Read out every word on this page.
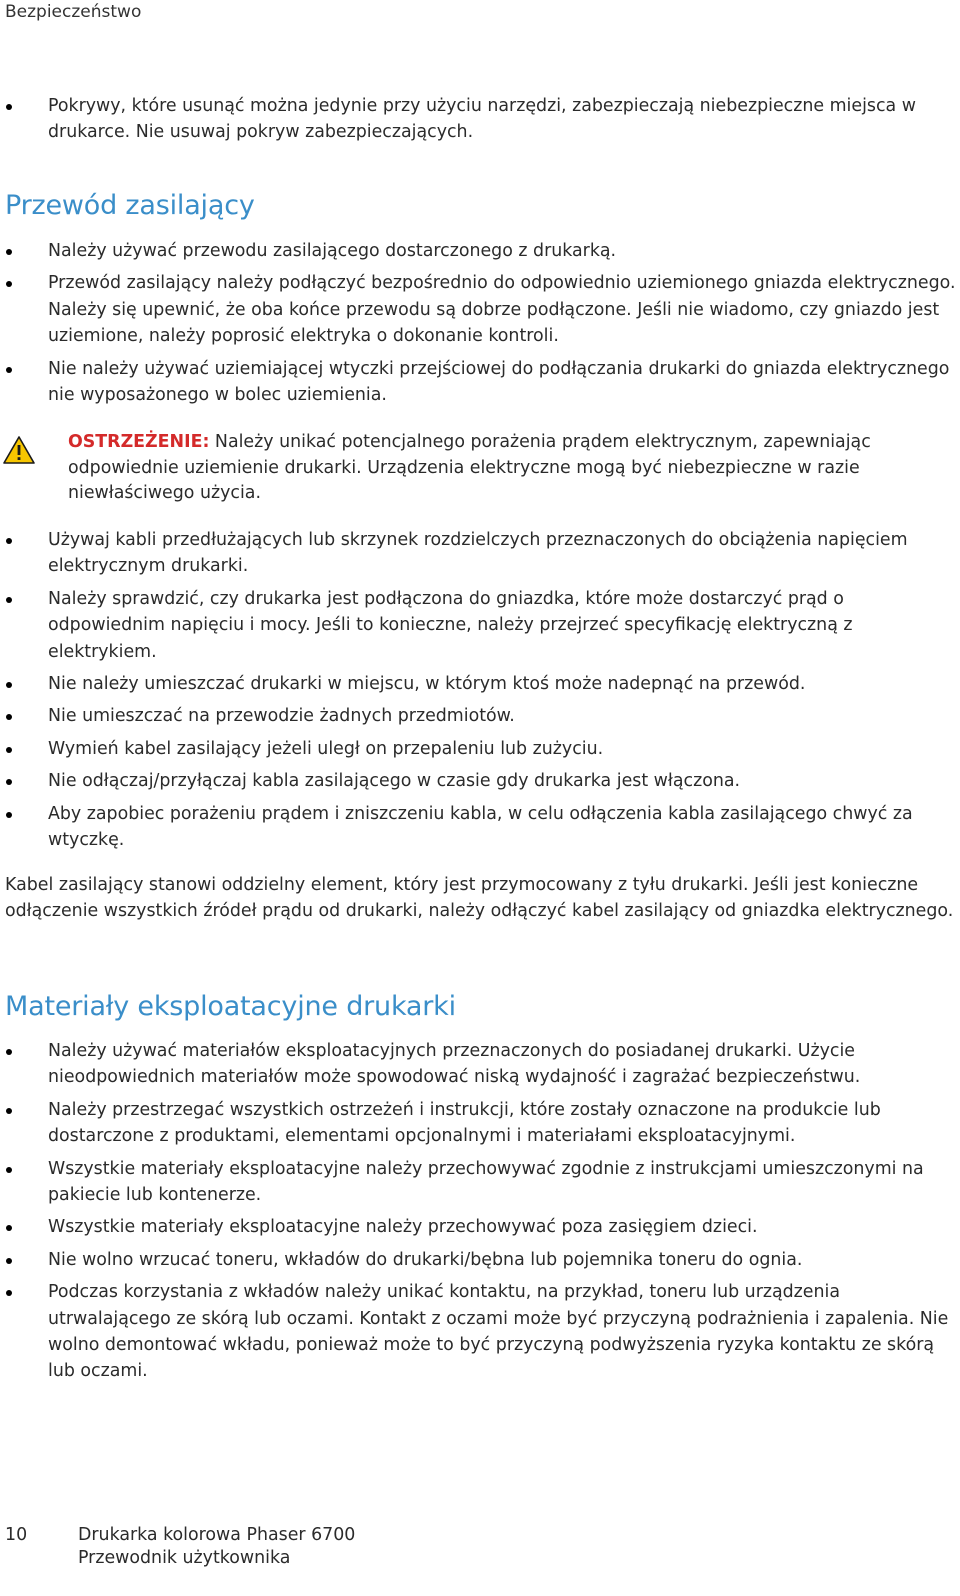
Bezpieczeństwo
Pokrywy, które usunąć można jedynie przy użyciu narzędzi, zabezpieczają niebezpieczne miejsca w drukarce. Nie usuwaj pokryw zabezpieczających.
Przewód zasilający
Należy używać przewodu zasilającego dostarczonego z drukarką.
Przewód zasilający należy podłączyć bezpośrednio do odpowiednio uziemionego gniazda elektrycznego. Należy się upewnić, że oba końce przewodu są dobrze podłączone. Jeśli nie wiadomo, czy gniazdo jest uziemione, należy poprosić elektryka o dokonanie kontroli.
Nie należy używać uziemiającej wtyczki przejściowej do podłączania drukarki do gniazda elektrycznego nie wyposażonego w bolec uziemienia.
OSTRZEŻENIE: Należy unikać potencjalnego porażenia prądem elektrycznym, zapewniając odpowiednie uziemienie drukarki. Urządzenia elektryczne mogą być niebezpieczne w razie niewłaściwego użycia.
Używaj kabli przedłużających lub skrzynek rozdzielczych przeznaczonych do obciążenia napięciem elektrycznym drukarki.
Należy sprawdzić, czy drukarka jest podłączona do gniazdka, które może dostarczyć prąd o odpowiednim napięciu i mocy. Jeśli to konieczne, należy przejrzeć specyfikację elektryczną z elektrykiem.
Nie należy umieszczać drukarki w miejscu, w którym ktoś może nadepnąć na przewód.
Nie umieszczać na przewodzie żadnych przedmiotów.
Wymień kabel zasilający jeżeli uległ on przepaleniu lub zużyciu.
Nie odłączaj/przyłączaj kabla zasilającego w czasie gdy drukarka jest włączona.
Aby zapobiec porażeniu prądem i zniszczeniu kabla, w celu odłączenia kabla zasilającego chwyć za wtyczkę.

Kabel zasilający stanowi oddzielny element, który jest przymocowany z tyłu drukarki. Jeśli jest konieczne odłączenie wszystkich źródeł prądu od drukarki, należy odłączyć kabel zasilający od gniazdka elektrycznego.

Materiały eksploatacyjne drukarki
Należy używać materiałów eksploatacyjnych przeznaczonych do posiadanej drukarki. Użycie nieodpowiednich materiałów może spowodować niską wydajność i zagrażać bezpieczeństwu.
Należy przestrzegać wszystkich ostrzeżeń i instrukcji, które zostały oznaczone na produkcie lub dostarczone z produktami, elementami opcjonalnymi i materiałami eksploatacyjnymi.
Wszystkie materiały eksploatacyjne należy przechowywać zgodnie z instrukcjami umieszczonymi na pakiecie lub kontenerze.
Wszystkie materiały eksploatacyjne należy przechowywać poza zasięgiem dzieci.
Nie wolno wrzucać toneru, wkładów do drukarki/bębna lub pojemnika toneru do ognia.
Podczas korzystania z wkładów należy unikać kontaktu, na przykład, toneru lub urządzenia utrwalającego ze skórą lub oczami. Kontakt z oczami może być przyczyną podrażnienia i zapalenia. Nie wolno demontować wkładu, ponieważ może to być przyczyną podwyższenia ryzyka kontaktu ze skórą lub oczami.
10	Drukarka kolorowa Phaser 6700
Przewodnik użytkownika
